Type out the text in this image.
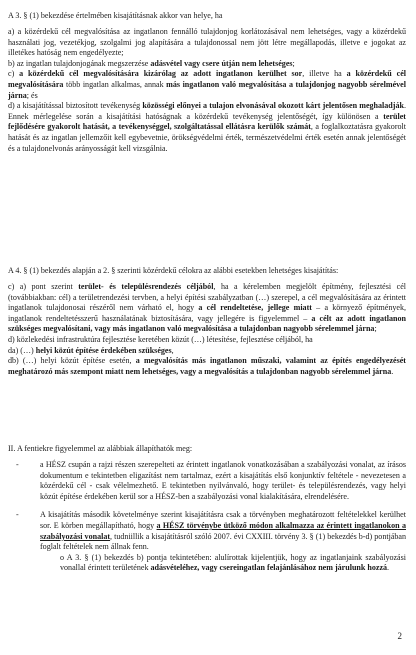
A 3. § (1) bekezdése értelmében kisajátításnak akkor van helye, ha

a) a közérdekű cél megvalósítása az ingatlanon fennálló tulajdonjog korlátozásával nem lehetséges, vagy a közérdekű használati jog, vezetékjog, szolgalmi jog alapítására a tulajdonossal nem jött létre megállapodás, illetve e jogokat az illetékes hatóság nem engedélyezte;

b) az ingatlan tulajdonjogának megszerzése adásvétel vagy csere útján nem lehetséges;

c) a közérdekű cél megvalósítására kizárólag az adott ingatlanon kerülhet sor, illetve ha a közérdekű cél megvalósítására több ingatlan alkalmas, annak más ingatlanon való megvalósítása a tulajdonjog nagyobb sérelmével járna; és

d) a kisajátítással biztosított tevékenység közösségi előnyei a tulajon elvonásával okozott kárt jelentősen meghaladják. Ennek mérlegelése során a kisajátítási hatóságnak a közérdekű tevékenység jelentőségét, így különösen a terület fejlődésére gyakorolt hatását, a tevékenységgel, szolgáltatással ellátásra kerülők számát, a foglalkoztatásra gyakorolt hatását és az ingatlan jellemzőit kell egybevetnie, örökségvédelmi érték, természetvédelmi érték esetén annak jelentőségét és a tulajdonelvonás arányosságát kell vizsgálnia.

A 4. § (1) bekezdés alapján a 2. § szerinti közérdekű célokra az alábbi esetekben lehetséges kisajátítás:

c) a) pont szerint terület- és településrendezés céljából, ha a kérelemben megjelölt építmény, fejlesztési cél (továbbiakban: cél) a területrendezési tervben, a helyi építési szabályzatban (…) szerepel, a cél megvalósítására az érintett ingatlanok tulajdonosai részéről nem várható el, hogy a cél rendeltetése, jellege miatt – a környező építmények, ingatlanok rendeltetésszerű használatának biztosítására, vagy jellegére is figyelemmel – a célt az adott ingatlanon szükséges megvalósítani, vagy más ingatlanon való megvalósítása a tulajdonban nagyobb sérelemmel járna;

d) közlekedési infrastruktúra fejlesztése keretében közút (…) létesítése, fejlesztése céljából, ha

da) (…) helyi közút építése érdekében szükséges,

db) (…) helyi közút építése esetén, a megvalósítás más ingatlanon műszaki, valamint az építés engedélyezését meghatározó más szempont miatt nem lehetséges, vagy a megvalósítás a tulajdonban nagyobb sérelemmel járna.

II. A fentiekre figyelemmel az alábbiak állapíthatók meg:

-	a HÉSZ csupán a rajzi részen szerepelteti az érintett ingatlanok vonatkozásában a szabályozási vonalat, az írásos dokumentum e tekintetben eligazítást nem tartalmaz, ezért a kisajátítás első konjunktív feltétele - nevezetesen a közérdekű cél - csak vélelmezhető. E tekintetben nyilvánvaló, hogy terület- és településrendezés, vagy helyi közút építése érdekében kerül sor a HÉSZ-ben a szabályozási vonal kialakítására, elrendelésére.
-	A kisajátítás második követelménye szerint kisajátításra csak a törvényben meghatározott feltételekkel kerülhet sor. E körben megállapítható, hogy a HÉSZ törvénybe ütköző módon alkalmazza az érintett ingatlanokon a szabályozási vonalat, tudniillik a kisajátításról szóló 2007. évi CXXIII. törvény 3. § (1) bekezdés b-d) pontjában foglalt feltételek nem állnak fenn.
o A 3. § (1) bekezdés b) pontja tekintetében: alulírottak kijelentjük, hogy az ingatlanjaink szabályozási vonallal érintett területének adásvételéhez, vagy csereingatlan felajánlásához nem járulunk hozzá.
2
